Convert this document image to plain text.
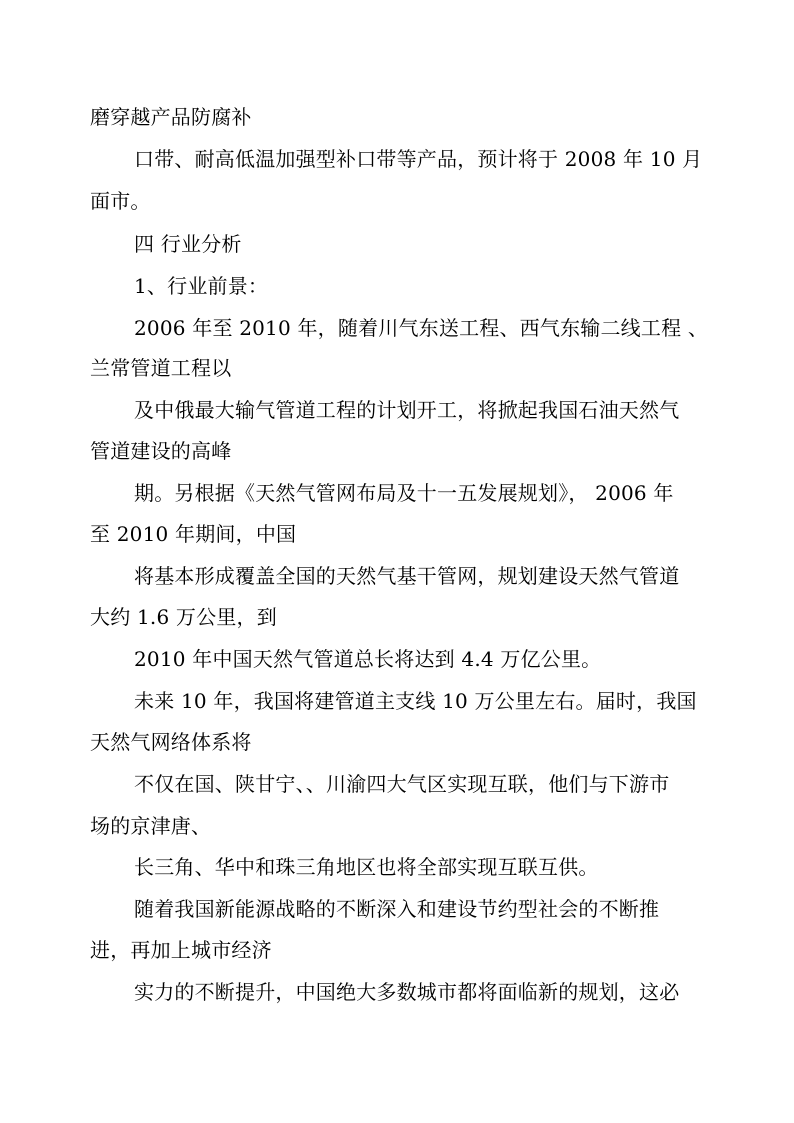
磨穿越产品防腐补
口带、耐高低温加强型补口带等产品，预计将于 2008 年 10 月
面市。
四 行业分析
1、行业前景：
2006 年至 2010 年，随着川气东送工程、西气东输二线工程 、
兰常管道工程以
及中俄最大输气管道工程的计划开工，将掀起我国石油天然气
管道建设的高峰
期。另根据《天然气管网布局及十一五发展规划》， 2006 年
至 2010 年期间，中国
将基本形成覆盖全国的天然气基干管网，规划建设天然气管道
大约 1.6 万公里，到
2010 年中国天然气管道总长将达到 4.4 万亿公里。
未来 10 年，我国将建管道主支线 10 万公里左右。届时，我国
天然气网络体系将
不仅在国、陕甘宁、、川渝四大气区实现互联，他们与下游市
场的京津唐、
长三角、华中和珠三角地区也将全部实现互联互供。
随着我国新能源战略的不断深入和建设节约型社会的不断推
进，再加上城市经济
实力的不断提升，中国绝大多数城市都将面临新的规划，这必
